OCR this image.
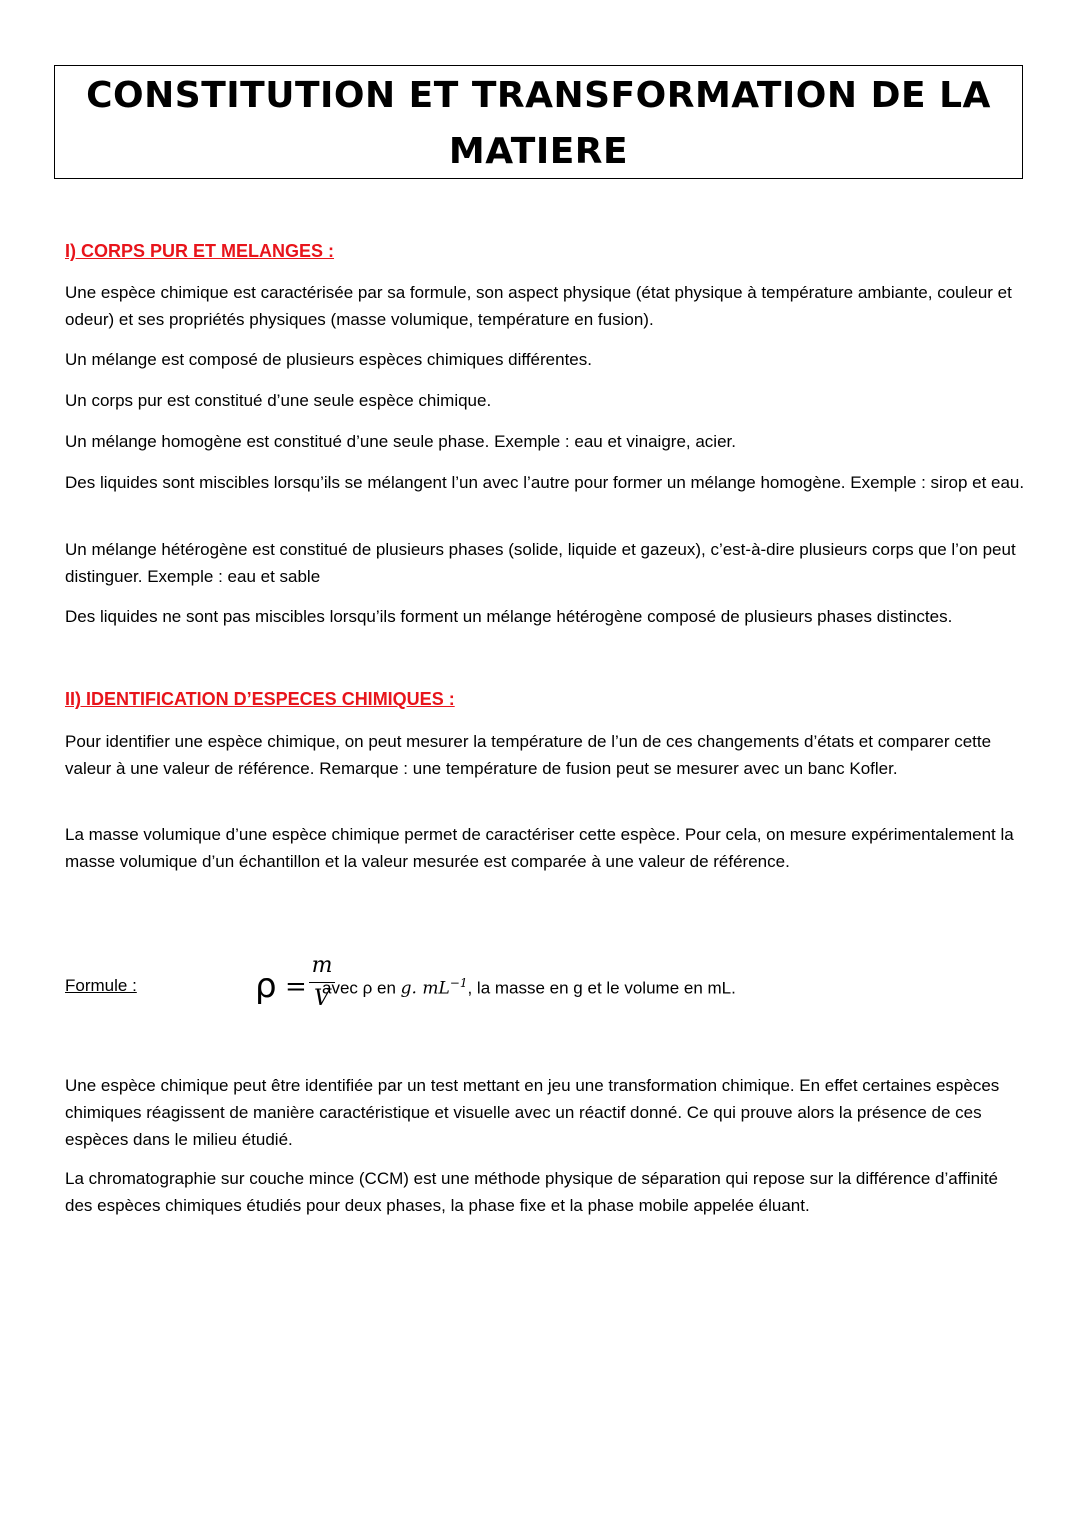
CONSTITUTION ET TRANSFORMATION DE LA
MATIERE

I) CORPS PUR ET MELANGES :

Une espèce chimique est caractérisée par sa formule, son aspect physique (état physique à température ambiante, couleur et odeur) et ses propriétés physiques (masse volumique, température en fusion).

Un mélange est composé de plusieurs espèces chimiques différentes.

Un corps pur est constitué d’une seule espèce chimique.

Un mélange homogène est constitué d’une seule phase. Exemple : eau et vinaigre, acier.

Des liquides sont miscibles lorsqu’ils se mélangent l’un avec l’autre pour former un mélange homogène. Exemple : sirop et eau.

Un mélange hétérogène est constitué de plusieurs phases (solide, liquide et gazeux), c’est-à-dire plusieurs corps que l’on peut distinguer. Exemple : eau et sable

Des liquides ne sont pas miscibles lorsqu’ils forment un mélange hétérogène composé de plusieurs phases distinctes.

II) IDENTIFICATION D’ESPECES CHIMIQUES :

Pour identifier une espèce chimique, on peut mesurer la température de l’un de ces changements d’états et comparer cette valeur à une valeur de référence. Remarque : une température de fusion peut se mesurer avec un banc Kofler.

La masse volumique d’une espèce chimique permet de caractériser cette espèce. Pour cela, on mesure expérimentalement la masse volumique d’un échantillon et la valeur mesurée est comparée à une valeur de référence.

Formule :	ρ =
m
V
avec ρ en g. $mL^{-1}$, la masse en g et le volume en mL.

Une espèce chimique peut être identifiée par un test mettant en jeu une transformation chimique. En effet certaines espèces chimiques réagissent de manière caractéristique et visuelle avec un réactif donné. Ce qui prouve alors la présence de ces espèces dans le milieu étudié.

La chromatographie sur couche mince (CCM) est une méthode physique de séparation qui repose sur la différence d’affinité des espèces chimiques étudiés pour deux phases, la phase fixe et la phase mobile appelée éluant.
